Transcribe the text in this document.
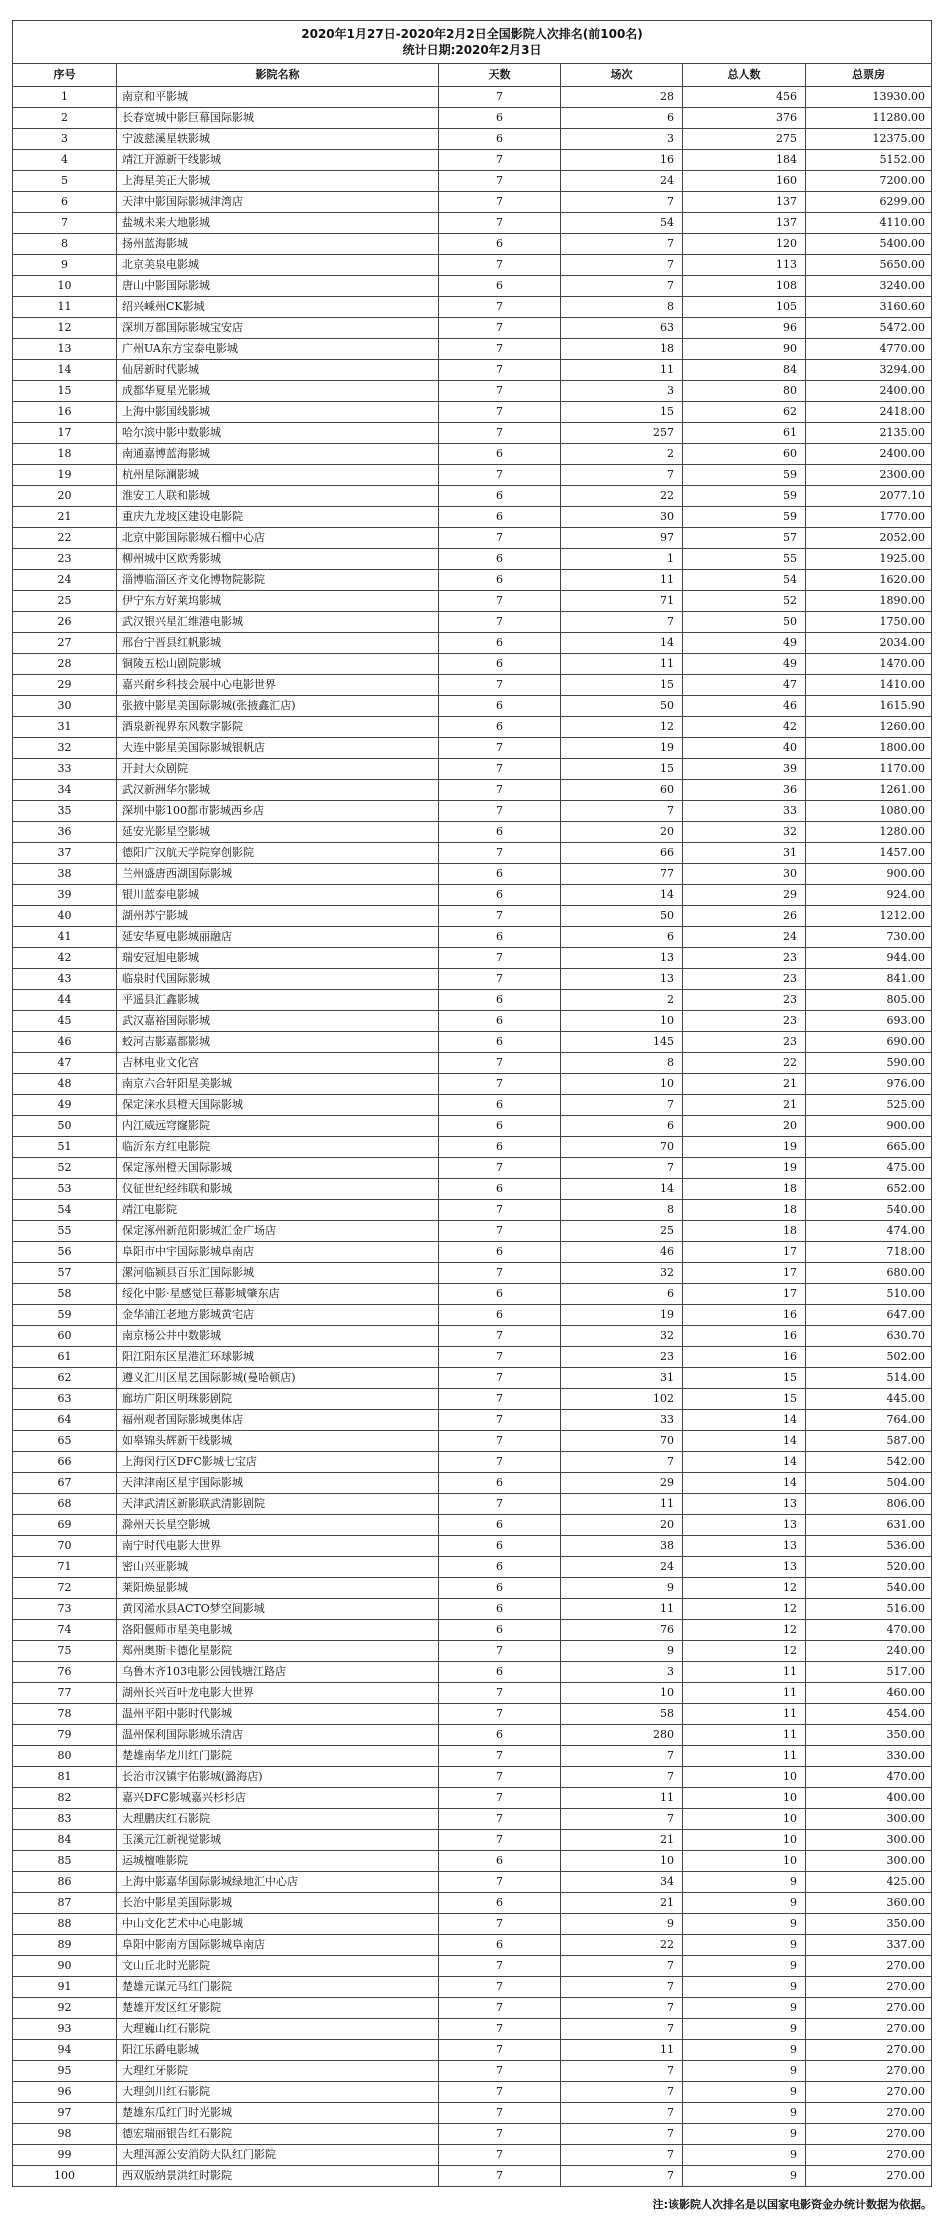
2020年1月27日-2020年2月2日全国影院人次排名(前100名)
统计日期:2020年2月3日					

序号	影院名称	天数	场次	总人数	总票房
1	南京和平影城	7	28	456	13930.00
2	长春宽城中影巨幕国际影城	6	6	376	11280.00
3	宁波慈溪星轶影城	6	3	275	12375.00
4	靖江开源新干线影城	7	16	184	5152.00
5	上海星美正大影城	7	24	160	7200.00
6	天津中影国际影城津湾店	7	7	137	6299.00
7	盐城未来大地影城	7	54	137	4110.00
8	扬州蓝海影城	6	7	120	5400.00
9	北京美泉电影城	7	7	113	5650.00
10	唐山中影国际影城	6	7	108	3240.00
11	绍兴嵊州CK影城	7	8	105	3160.60
12	深圳万都国际影城宝安店	7	63	96	5472.00
13	广州UA东方宝泰电影城	7	18	90	4770.00
14	仙居新时代影城	7	11	84	3294.00
15	成都华夏星光影城	7	3	80	2400.00
16	上海中影国线影城	7	15	62	2418.00
17	哈尔滨中影中数影城	7	257	61	2135.00
18	南通嘉博蓝海影城	6	2	60	2400.00
19	杭州星际澜影城	7	7	59	2300.00
20	淮安工人联和影城	6	22	59	2077.10
21	重庆九龙坡区建设电影院	6	30	59	1770.00
22	北京中影国际影城石榴中心店	7	97	57	2052.00
23	柳州城中区欧秀影城	6	1	55	1925.00
24	淄博临淄区齐文化博物院影院	6	11	54	1620.00
25	伊宁东方好莱坞影城	7	71	52	1890.00
26	武汉银兴星汇维港电影城	7	7	50	1750.00
27	邢台宁晋县红帆影城	6	14	49	2034.00
28	铜陵五松山剧院影城	6	11	49	1470.00
29	嘉兴耐乡科技会展中心电影世界	7	15	47	1410.00
30	张掖中影星美国际影城(张掖鑫汇店)	6	50	46	1615.90
31	酒泉新视界东风数字影院	6	12	42	1260.00
32	大连中影星美国际影城银帆店	7	19	40	1800.00
33	开封大众剧院	7	15	39	1170.00
34	武汉新洲华尔影城	7	60	36	1261.00
35	深圳中影100都市影城西乡店	7	7	33	1080.00
36	延安光影星空影城	6	20	32	1280.00
37	德阳广汉航天学院穿创影院	7	66	31	1457.00
38	兰州盛唐西湖国际影城	6	77	30	900.00
39	银川蓝泰电影城	6	14	29	924.00
40	湖州苏宁影城	7	50	26	1212.00
41	延安华夏电影城丽融店	6	6	24	730.00
42	瑞安冠旭电影城	7	13	23	944.00
43	临泉时代国际影城	7	13	23	841.00
44	平遥县汇鑫影城	6	2	23	805.00
45	武汉嘉裕国际影城	6	10	23	693.00
46	蛟河吉影嘉都影城	6	145	23	690.00
47	吉林电业文化宫	7	8	22	590.00
48	南京六合轩阳星美影城	7	10	21	976.00
49	保定涞水县橙天国际影城	6	7	21	525.00
50	内江威远穹窿影院	6	6	20	900.00
51	临沂东方红电影院	6	70	19	665.00
52	保定涿州橙天国际影城	7	7	19	475.00
53	仪征世纪经纬联和影城	6	14	18	652.00
54	靖江电影院	7	8	18	540.00
55	保定涿州新范阳影城汇金广场店	7	25	18	474.00
56	阜阳市中宇国际影城阜南店	6	46	17	718.00
57	漯河临颍县百乐汇国际影城	7	32	17	680.00
58	绥化中影·星感觉巨幕影城肇东店	6	6	17	510.00
59	金华浦江老地方影城黄宅店	6	19	16	647.00
60	南京杨公井中数影城	7	32	16	630.70
61	阳江阳东区星港汇环球影城	7	23	16	502.00
62	遵义汇川区星艺国际影城(曼哈顿店)	7	31	15	514.00
63	廊坊广阳区明珠影剧院	7	102	15	445.00
64	福州观者国际影城奥体店	7	33	14	764.00
65	如皋锦头辉新干线影城	7	70	14	587.00
66	上海闵行区DFC影城七宝店	7	7	14	542.00
67	天津津南区星宇国际影城	6	29	14	504.00
68	天津武清区新影联武清影剧院	7	11	13	806.00
69	滁州天长星空影城	6	20	13	631.00
70	南宁时代电影大世界	6	38	13	536.00
71	密山兴亚影城	6	24	13	520.00
72	莱阳焕显影城	6	9	12	540.00
73	黄冈浠水县ACTO梦空间影城	6	11	12	516.00
74	洛阳偃师市星美电影城	6	76	12	470.00
75	郑州奥斯卡德化星影院	7	9	12	240.00
76	乌鲁木齐103电影公园钱塘江路店	6	3	11	517.00
77	湖州长兴百叶龙电影大世界	7	10	11	460.00
78	温州平阳中影时代影城	7	58	11	454.00
79	温州保利国际影城乐清店	6	280	11	350.00
80	楚雄南华龙川红门影院	7	7	11	330.00
81	长治市汉镇宇佑影城(潞海店)	7	7	10	470.00
82	嘉兴DFC影城嘉兴杉杉店	7	11	10	400.00
83	大理鹏庆红石影院	7	7	10	300.00
84	玉溪元江新视觉影城	7	21	10	300.00
85	运城檀唯影院	6	10	10	300.00
86	上海中影嘉华国际影城绿地汇中心店	7	34	9	425.00
87	长治中影星美国际影城	6	21	9	360.00
88	中山文化艺术中心电影城	7	9	9	350.00
89	阜阳中影南方国际影城阜南店	6	22	9	337.00
90	文山丘北时光影院	7	7	9	270.00
91	楚雄元谋元马红门影院	7	7	9	270.00
92	楚雄开发区红牙影院	7	7	9	270.00
93	大理巍山红石影院	7	7	9	270.00
94	阳江乐爵电影城	7	11	9	270.00
95	大理红牙影院	7	7	9	270.00
96	大理剑川红石影院	7	7	9	270.00
97	楚雄东瓜红门时光影城	7	7	9	270.00
98	德宏瑞丽银告红石影院	7	7	9	270.00
99	大理洱源公安消防大队红门影院	7	7	9	270.00
100	西双版纳景洪红时影院	7	7	9	270.00
注:该影院人次排名是以国家电影资金办统计数据为依据。
